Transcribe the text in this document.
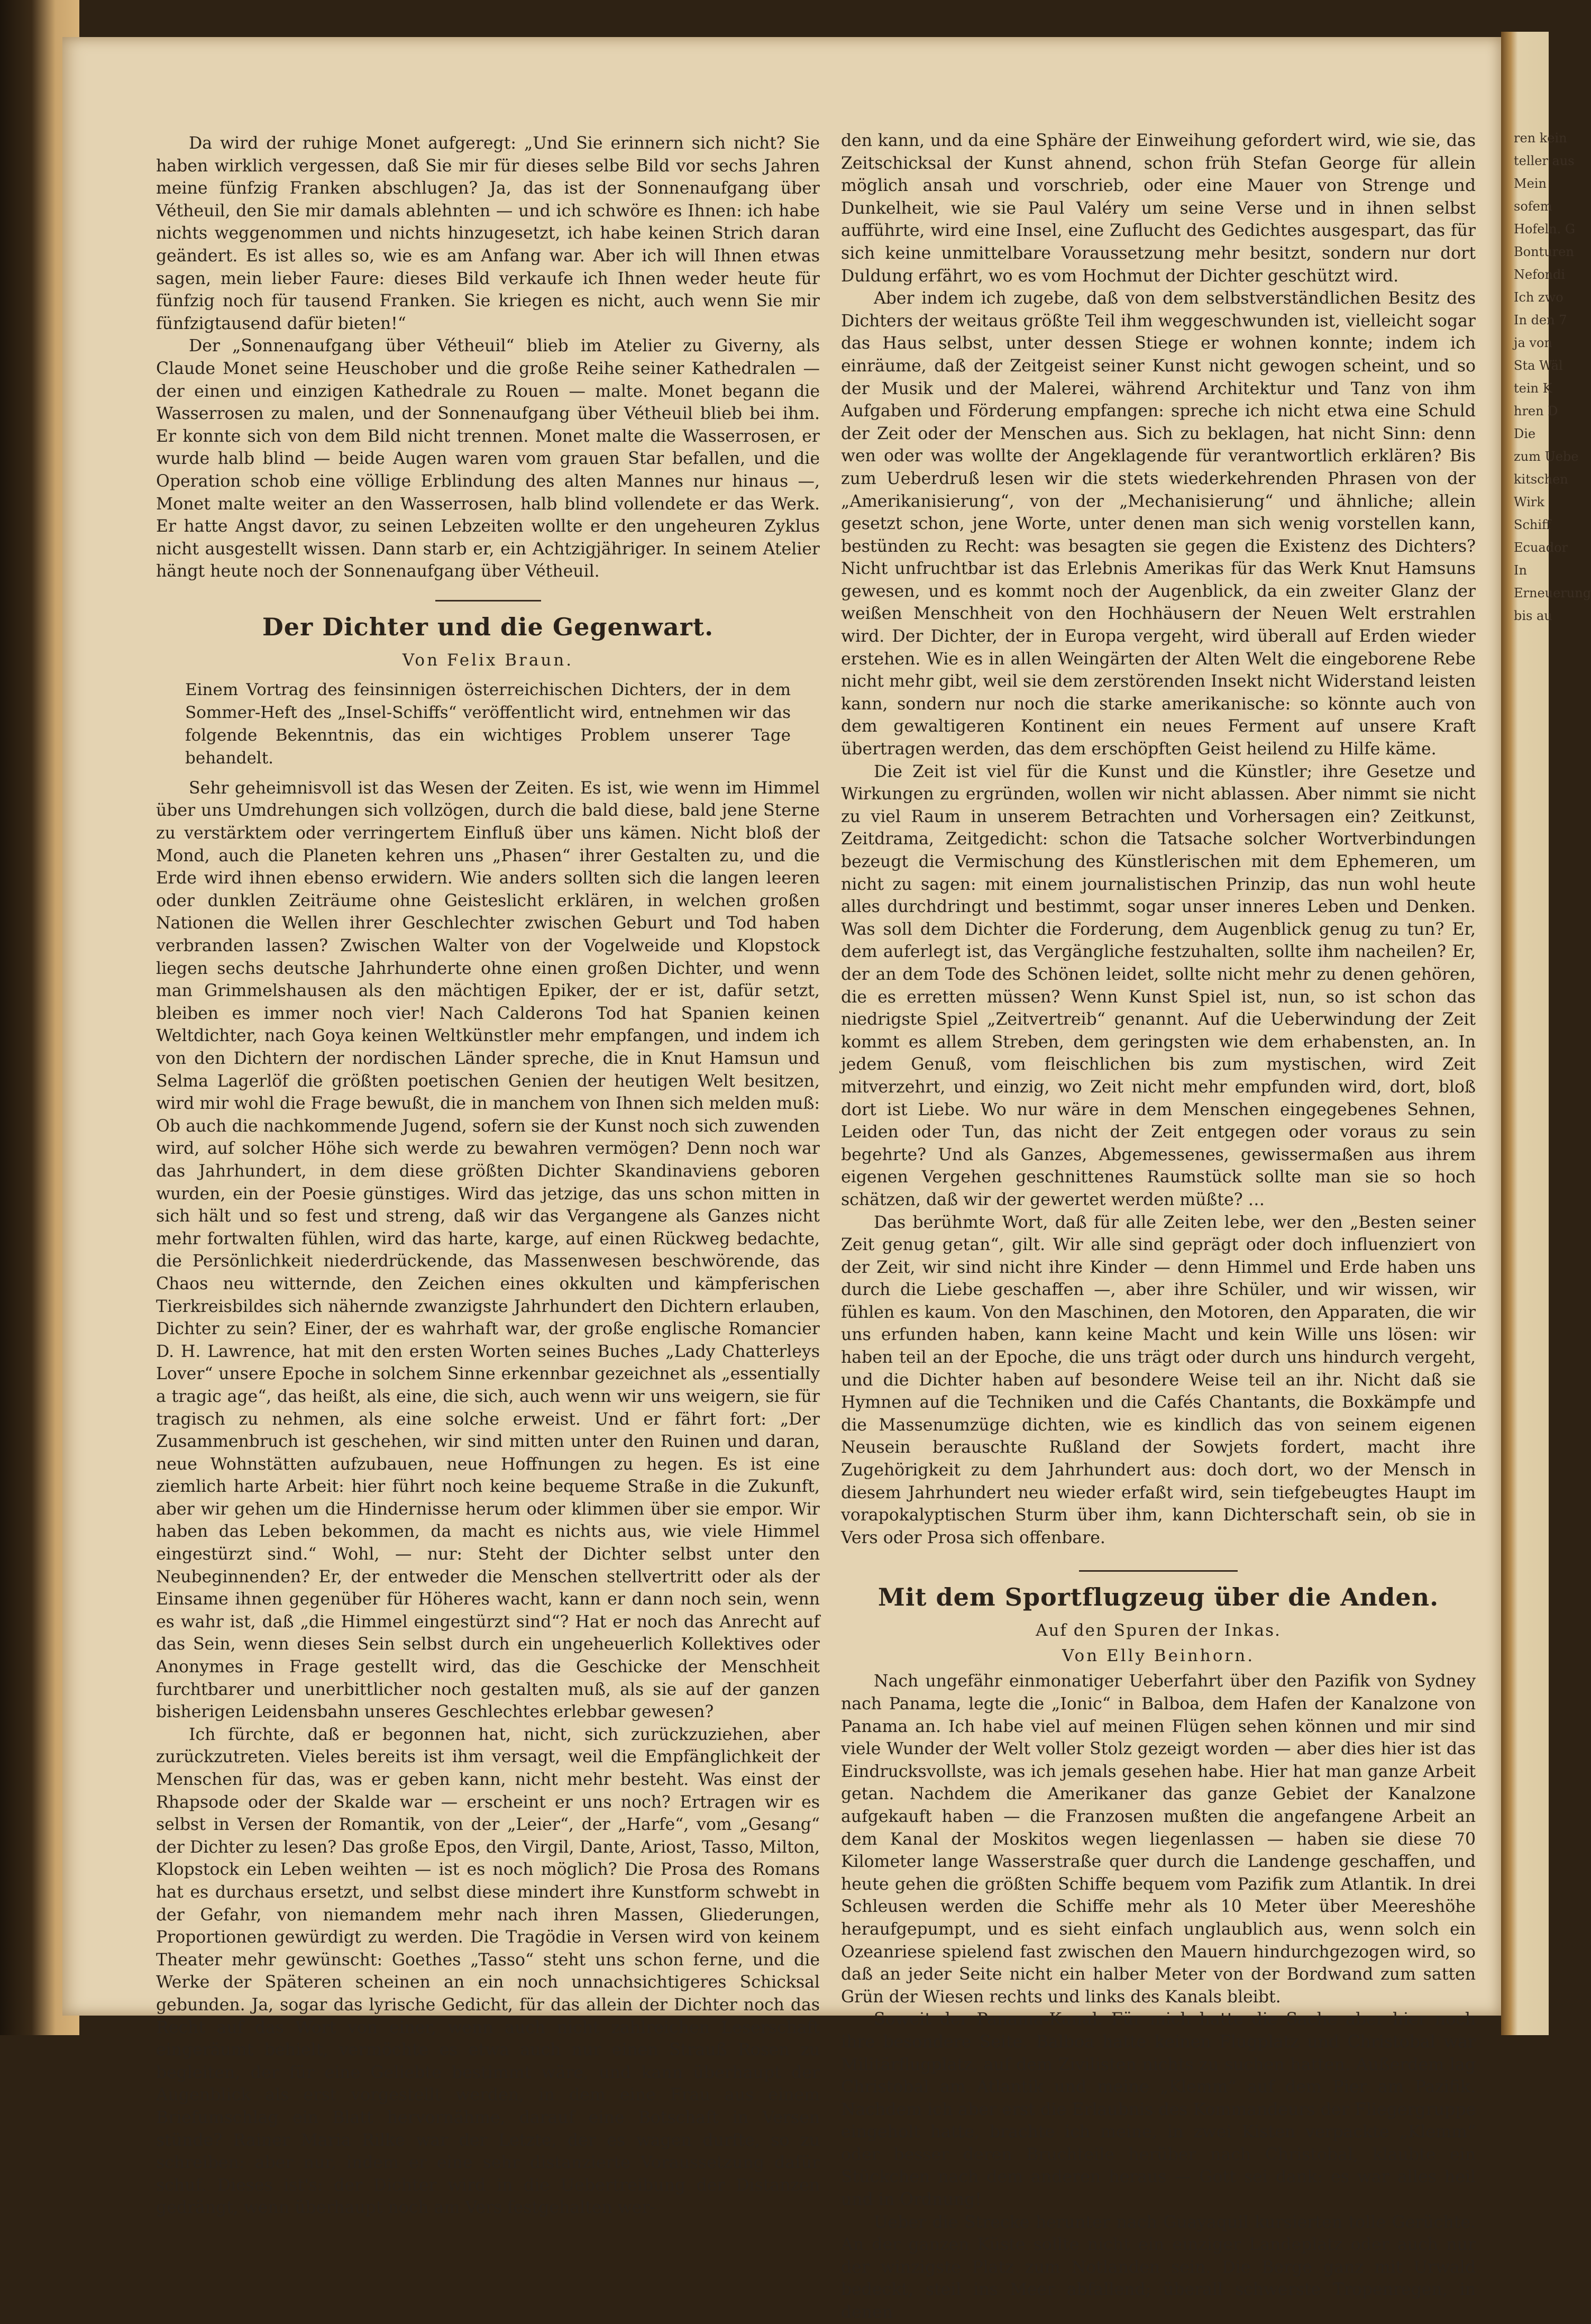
ren kein
teller aus
Mein
sofem
Hofeln. G
Bonturen
Nefondi
Ich zwo
In den 7
ja von
Sta Wäl
tein K
hren D
Die
zum Uebe
kitschen
Wirk
Schiff
Ecuador
In
Erneuerung
bis au

Da wird der ruhige Monet aufgeregt: „Und Sie erinnern sich nicht? Sie haben wirklich vergessen, daß Sie mir für dieses selbe Bild vor sechs Jahren meine fünfzig Franken abschlugen? Ja, das ist der Sonnenaufgang über Vétheuil, den Sie mir damals ablehnten — und ich schwöre es Ihnen: ich habe nichts weggenommen und nichts hinzugesetzt, ich habe keinen Strich daran geändert. Es ist alles so, wie es am Anfang war. Aber ich will Ihnen etwas sagen, mein lieber Faure: dieses Bild verkaufe ich Ihnen weder heute für fünfzig noch für tausend Franken. Sie kriegen es nicht, auch wenn Sie mir fünfzigtausend dafür bieten!“

Der „Sonnenaufgang über Vétheuil“ blieb im Atelier zu Giverny, als Claude Monet seine Heuschober und die große Reihe seiner Kathedralen — der einen und einzigen Kathedrale zu Rouen — malte. Monet begann die Wasserrosen zu malen, und der Sonnenaufgang über Vétheuil blieb bei ihm. Er konnte sich von dem Bild nicht trennen. Monet malte die Wasserrosen, er wurde halb blind — beide Augen waren vom grauen Star befallen, und die Operation schob eine völlige Erblindung des alten Mannes nur hinaus —, Monet malte weiter an den Wasserrosen, halb blind vollendete er das Werk. Er hatte Angst davor, zu seinen Lebzeiten wollte er den ungeheuren Zyklus nicht ausgestellt wissen. Dann starb er, ein Achtzigjähriger. In seinem Atelier hängt heute noch der Sonnenaufgang über Vétheuil.

Der Dichter und die Gegenwart.
Von Felix Braun.
Einem Vortrag des feinsinnigen österreichischen Dichters, der in dem Sommer-Heft des „Insel-Schiffs“ veröffentlicht wird, entnehmen wir das folgende Bekenntnis, das ein wichtiges Problem unserer Tage behandelt.

Sehr geheimnisvoll ist das Wesen der Zeiten. Es ist, wie wenn im Himmel über uns Umdrehungen sich vollzögen, durch die bald diese, bald jene Sterne zu verstärktem oder verringertem Einfluß über uns kämen. Nicht bloß der Mond, auch die Planeten kehren uns „Phasen“ ihrer Gestalten zu, und die Erde wird ihnen ebenso erwidern. Wie anders sollten sich die langen leeren oder dunklen Zeiträume ohne Geisteslicht erklären, in welchen großen Nationen die Wellen ihrer Geschlechter zwischen Geburt und Tod haben verbranden lassen? Zwischen Walter von der Vogelweide und Klopstock liegen sechs deutsche Jahrhunderte ohne einen großen Dichter, und wenn man Grimmelshausen als den mächtigen Epiker, der er ist, dafür setzt, bleiben es immer noch vier! Nach Calderons Tod hat Spanien keinen Weltdichter, nach Goya keinen Weltkünstler mehr empfangen, und indem ich von den Dichtern der nordischen Länder spreche, die in Knut Hamsun und Selma Lagerlöf die größten poetischen Genien der heutigen Welt besitzen, wird mir wohl die Frage bewußt, die in manchem von Ihnen sich melden muß: Ob auch die nachkommende Jugend, sofern sie der Kunst noch sich zuwenden wird, auf solcher Höhe sich werde zu bewahren vermögen? Denn noch war das Jahrhundert, in dem diese größten Dichter Skandinaviens geboren wurden, ein der Poesie günstiges. Wird das jetzige, das uns schon mitten in sich hält und so fest und streng, daß wir das Vergangene als Ganzes nicht mehr fortwalten fühlen, wird das harte, karge, auf einen Rückweg bedachte, die Persönlichkeit niederdrückende, das Massenwesen beschwörende, das Chaos neu witternde, den Zeichen eines okkulten und kämpferischen Tierkreisbildes sich nähernde zwanzigste Jahrhundert den Dichtern erlauben, Dichter zu sein? Einer, der es wahrhaft war, der große englische Romancier D. H. Lawrence, hat mit den ersten Worten seines Buches „Lady Chatterleys Lover“ unsere Epoche in solchem Sinne erkennbar gezeichnet als „essentially a tragic age“, das heißt, als eine, die sich, auch wenn wir uns weigern, sie für tragisch zu nehmen, als eine solche erweist. Und er fährt fort: „Der Zusammenbruch ist geschehen, wir sind mitten unter den Ruinen und daran, neue Wohnstätten aufzubauen, neue Hoffnungen zu hegen. Es ist eine ziemlich harte Arbeit: hier führt noch keine bequeme Straße in die Zukunft, aber wir gehen um die Hindernisse herum oder klimmen über sie empor. Wir haben das Leben bekommen, da macht es nichts aus, wie viele Himmel eingestürzt sind.“ Wohl, — nur: Steht der Dichter selbst unter den Neubeginnenden? Er, der entweder die Menschen stellvertritt oder als der Einsame ihnen gegenüber für Höheres wacht, kann er dann noch sein, wenn es wahr ist, daß „die Himmel eingestürzt sind“? Hat er noch das Anrecht auf das Sein, wenn dieses Sein selbst durch ein ungeheuerlich Kollektives oder Anonymes in Frage gestellt wird, das die Geschicke der Menschheit furchtbarer und unerbittlicher noch gestalten muß, als sie auf der ganzen bisherigen Leidensbahn unseres Geschlechtes erlebbar gewesen?

Ich fürchte, daß er begonnen hat, nicht, sich zurückzuziehen, aber zurückzutreten. Vieles bereits ist ihm versagt, weil die Empfänglichkeit der Menschen für das, was er geben kann, nicht mehr besteht. Was einst der Rhapsode oder der Skalde war — erscheint er uns noch? Ertragen wir es selbst in Versen der Romantik, von der „Leier“, der „Harfe“, vom „Gesang“ der Dichter zu lesen? Das große Epos, den Virgil, Dante, Ariost, Tasso, Milton, Klopstock ein Leben weihten — ist es noch möglich? Die Prosa des Romans hat es durchaus ersetzt, und selbst diese mindert ihre Kunstform schwebt in der Gefahr, von niemandem mehr nach ihren Massen, Gliederungen, Proportionen gewürdigt zu werden. Die Tragödie in Versen wird von keinem Theater mehr gewünscht: Goethes „Tasso“ steht uns schon ferne, und die Werke der Späteren scheinen an ein noch unnachsichtigeres Schicksal gebunden. Ja, sogar das lyrische Gedicht, für das allein der Dichter noch das Recht auf das Wort von einer, wenn auch nicht zahlreichen Leserschaft eingeräumt behielt, vermöchte es etwa auch nur einen Strauß Rosen zu begleiten, der für eine Geliebte bestimmt wäre, und kann überhaupt der Augenblick als erst vorgestellt werden, in dem eine Frau aus einem Briefumschlag ein Blatt hervornähme, darauf eine Botschaft in Versen stünde? Rainer Maria Rilke war der Letzte, der es wagen durfte, so zu schreiben: aber nur, indem er eine sehr distanzierte Voraussetzung dafür schuf. Dieses ist's: der Dichter wird in die Uebertreibung der Distanzen gedrängt, wenn überhaupt noch am Vers festgehalten wer-

den kann, und da eine Sphäre der Einweihung gefordert wird, wie sie, das Zeitschicksal der Kunst ahnend, schon früh Stefan George für allein möglich ansah und vorschrieb, oder eine Mauer von Strenge und Dunkelheit, wie sie Paul Valéry um seine Verse und in ihnen selbst aufführte, wird eine Insel, eine Zuflucht des Gedichtes ausgespart, das für sich keine unmittelbare Voraussetzung mehr besitzt, sondern nur dort Duldung erfährt, wo es vom Hochmut der Dichter geschützt wird.

Aber indem ich zugebe, daß von dem selbstverständlichen Besitz des Dichters der weitaus größte Teil ihm weggeschwunden ist, vielleicht sogar das Haus selbst, unter dessen Stiege er wohnen konnte; indem ich einräume, daß der Zeitgeist seiner Kunst nicht gewogen scheint, und so der Musik und der Malerei, während Architektur und Tanz von ihm Aufgaben und Förderung empfangen: spreche ich nicht etwa eine Schuld der Zeit oder der Menschen aus. Sich zu beklagen, hat nicht Sinn: denn wen oder was wollte der Angeklagende für verantwortlich erklären? Bis zum Ueberdruß lesen wir die stets wiederkehrenden Phrasen von der „Amerikanisierung“, von der „Mechanisierung“ und ähnliche; allein gesetzt schon, jene Worte, unter denen man sich wenig vorstellen kann, bestünden zu Recht: was besagten sie gegen die Existenz des Dichters? Nicht unfruchtbar ist das Erlebnis Amerikas für das Werk Knut Hamsuns gewesen, und es kommt noch der Augenblick, da ein zweiter Glanz der weißen Menschheit von den Hochhäusern der Neuen Welt erstrahlen wird. Der Dichter, der in Europa vergeht, wird überall auf Erden wieder erstehen. Wie es in allen Weingärten der Alten Welt die eingeborene Rebe nicht mehr gibt, weil sie dem zerstörenden Insekt nicht Widerstand leisten kann, sondern nur noch die starke amerikanische: so könnte auch von dem gewaltigeren Kontinent ein neues Ferment auf unsere Kraft übertragen werden, das dem erschöpften Geist heilend zu Hilfe käme.

Die Zeit ist viel für die Kunst und die Künstler; ihre Gesetze und Wirkungen zu ergründen, wollen wir nicht ablassen. Aber nimmt sie nicht zu viel Raum in unserem Betrachten und Vorhersagen ein? Zeitkunst, Zeitdrama, Zeitgedicht: schon die Tatsache solcher Wortverbindungen bezeugt die Vermischung des Künstlerischen mit dem Ephemeren, um nicht zu sagen: mit einem journalistischen Prinzip, das nun wohl heute alles durchdringt und bestimmt, sogar unser inneres Leben und Denken. Was soll dem Dichter die Forderung, dem Augenblick genug zu tun? Er, dem auferlegt ist, das Vergängliche festzuhalten, sollte ihm nacheilen? Er, der an dem Tode des Schönen leidet, sollte nicht mehr zu denen gehören, die es erretten müssen? Wenn Kunst Spiel ist, nun, so ist schon das niedrigste Spiel „Zeitvertreib“ genannt. Auf die Ueberwindung der Zeit kommt es allem Streben, dem geringsten wie dem erhabensten, an. In jedem Genuß, vom fleischlichen bis zum mystischen, wird Zeit mitverzehrt, und einzig, wo Zeit nicht mehr empfunden wird, dort, bloß dort ist Liebe. Wo nur wäre in dem Menschen eingegebenes Sehnen, Leiden oder Tun, das nicht der Zeit entgegen oder voraus zu sein begehrte? Und als Ganzes, Abgemessenes, gewissermaßen aus ihrem eigenen Vergehen geschnittenes Raumstück sollte man sie so hoch schätzen, daß wir der gewertet werden müßte? …

Das berühmte Wort, daß für alle Zeiten lebe, wer den „Besten seiner Zeit genug getan“, gilt. Wir alle sind geprägt oder doch influenziert von der Zeit, wir sind nicht ihre Kinder — denn Himmel und Erde haben uns durch die Liebe geschaffen —, aber ihre Schüler, und wir wissen, wir fühlen es kaum. Von den Maschinen, den Motoren, den Apparaten, die wir uns erfunden haben, kann keine Macht und kein Wille uns lösen: wir haben teil an der Epoche, die uns trägt oder durch uns hindurch vergeht, und die Dichter haben auf besondere Weise teil an ihr. Nicht daß sie Hymnen auf die Techniken und die Cafés Chantants, die Boxkämpfe und die Massenumzüge dichten, wie es kindlich das von seinem eigenen Neusein berauschte Rußland der Sowjets fordert, macht ihre Zugehörigkeit zu dem Jahrhundert aus: doch dort, wo der Mensch in diesem Jahrhundert neu wieder erfaßt wird, sein tiefgebeugtes Haupt im vorapokalyptischen Sturm über ihm, kann Dichterschaft sein, ob sie in Vers oder Prosa sich offenbare.

Mit dem Sportflugzeug über die Anden.
Auf den Spuren der Inkas.
Von Elly Beinhorn.

Nach ungefähr einmonatiger Ueberfahrt über den Pazifik von Sydney nach Panama, legte die „Ionic“ in Balboa, dem Hafen der Kanalzone von Panama an. Ich habe viel auf meinen Flügen sehen können und mir sind viele Wunder der Welt voller Stolz gezeigt worden — aber dies hier ist das Eindrucksvollste, was ich jemals gesehen habe. Hier hat man ganze Arbeit getan. Nachdem die Amerikaner das ganze Gebiet der Kanalzone aufgekauft haben — die Franzosen mußten die angefangene Arbeit an dem Kanal der Moskitos wegen liegenlassen — haben sie diese 70 Kilometer lange Wasserstraße quer durch die Landenge geschaffen, und heute gehen die größten Schiffe bequem vom Pazifik zum Atlantik. In drei Schleusen werden die Schiffe mehr als 10 Meter über Meereshöhe heraufgepumpt, und es sieht einfach unglaublich aus, wenn solch ein Ozeanriese spielend fast zwischen den Mauern hindurchgezogen wird, so daß an jeder Seite nicht ein halber Meter von der Bordwand zum satten Grün der Wiesen rechts und links des Kanals bleibt.

Soweit der Panama-Kanal. Für mich hatte die Sache aber hier noch ihre besondere Seite. Balboa hatte keinen Flugplatz und Christobal war Militärflugplatz, auf dem Zivilisten nichts zu suchen hatten. Außerdem lag Christobal am Atlantik und meine „Klemm“ auf dem Pier am Pazifik. Nachdem ich aber erst die Erlaubnis des Kommandeurs der Fliegergruppe eingeholt hatte, brachte ich meine, in zwei Kisten verpackte „Klemm“ oder besser deren Bruchteile herüber nach Christobal, klaubte ein Stückchen nach dem anderen heraus — Gott sei dank: es war alles heil und in Ordnung!

Ueber die Strecke herunter nach Guayaquil kursierten tolle Gerüchte. An der ganzen Küste sollte nicht ein einziger Landeplatz oder auch nur der winzigste Platz zum Notlanden sein. Die Berge ganz mit Urwald bedeckt, steil ins Meer abfallend; überall schwerste Tropenregen, in denen
